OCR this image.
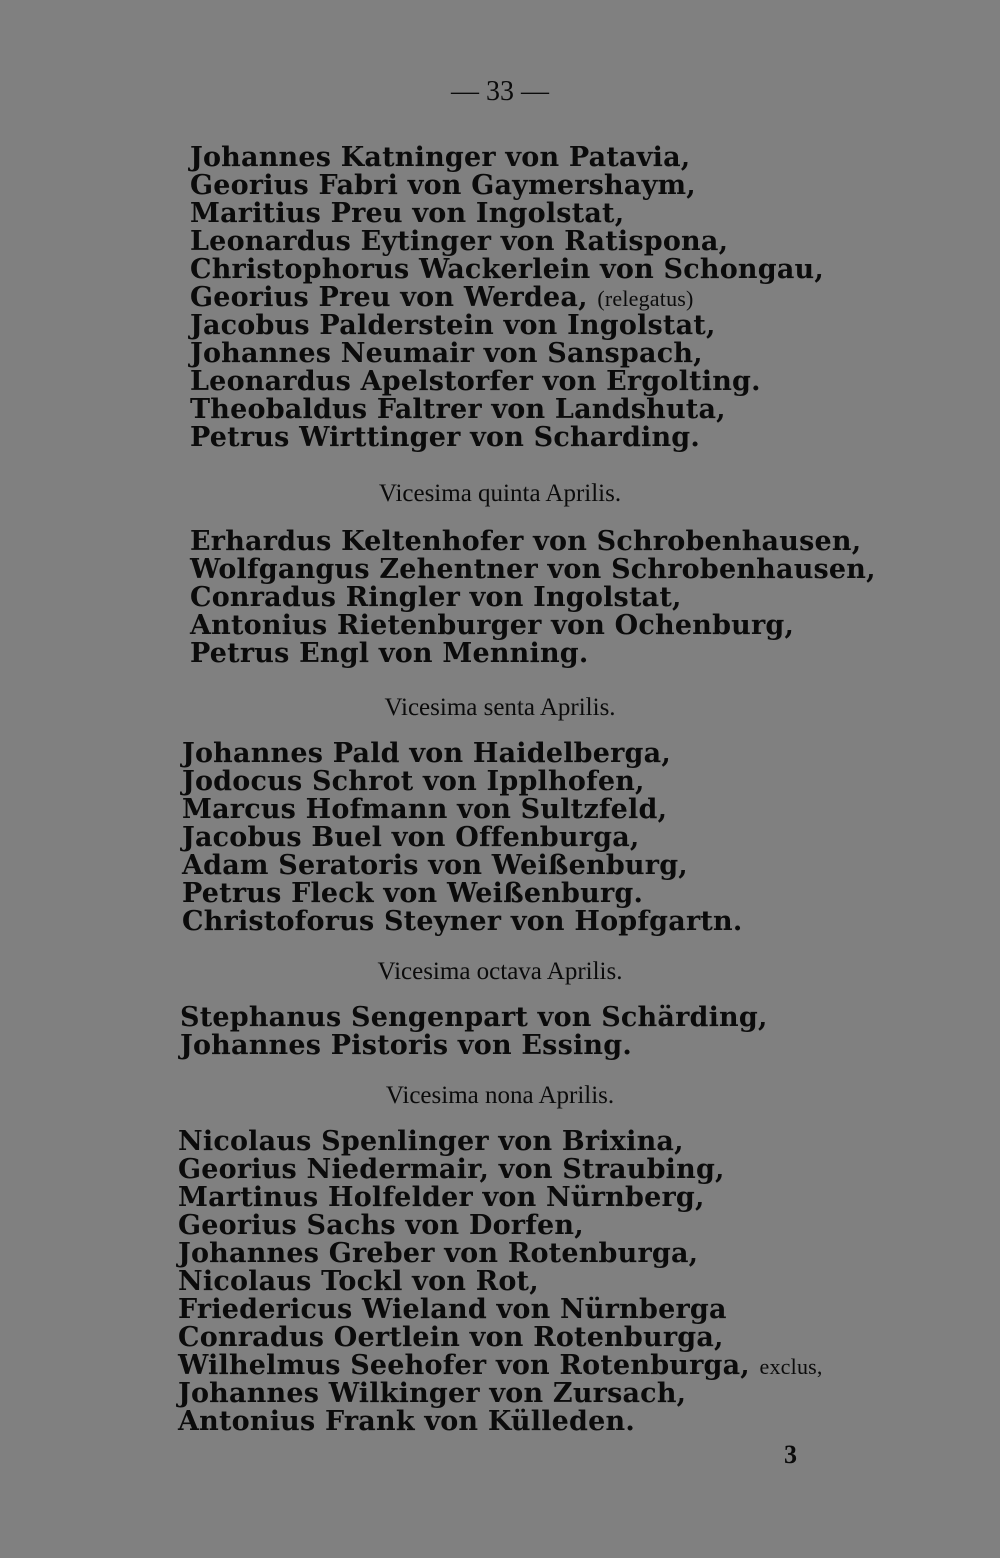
— 33 —
Johannes Katninger von Patavia,
Georius Fabri von Gaymershaym,
Maritius Preu von Ingolstat,
Leonardus Eytinger von Ratispona,
Christophorus Wackerlein von Schongau,
Georius Preu von Werdea, (relegatus)
Jacobus Palderstein von Ingolstat,
Johannes Neumair von Sanspach,
Leonardus Apelstorfer von Ergolting.
Theobaldus Faltrer von Landshuta,
Petrus Wirttinger von Scharding.
Vicesima quinta Aprilis.
Erhardus Keltenhofer von Schrobenhausen,
Wolfgangus Zehentner von Schrobenhausen,
Conradus Ringler von Ingolstat,
Antonius Rietenburger von Ochenburg,
Petrus Engl von Menning.
Vicesima senta Aprilis.
Johannes Pald von Haidelberga,
Jodocus Schrot von Ipplhofen,
Marcus Hofmann von Sultzfeld,
Jacobus Buel von Offenburga,
Adam Seratoris von Weißenburg,
Petrus Fleck von Weißenburg.
Christoforus Steyner von Hopfgartn.
Vicesima octava Aprilis.
Stephanus Sengenpart von Schärding,
Johannes Pistoris von Essing.
Vicesima nona Aprilis.
Nicolaus Spenlinger von Brixina,
Georius Niedermair, von Straubing,
Martinus Holfelder von Nürnberg,
Georius Sachs von Dorfen,
Johannes Greber von Rotenburga,
Nicolaus Tockl von Rot,
Friedericus Wieland von Nürnberga
Conradus Oertlein von Rotenburga,
Wilhelmus Seehofer von Rotenburga, exclus,
Johannes Wilkinger von Zursach,
Antonius Frank von Külleden.
3
